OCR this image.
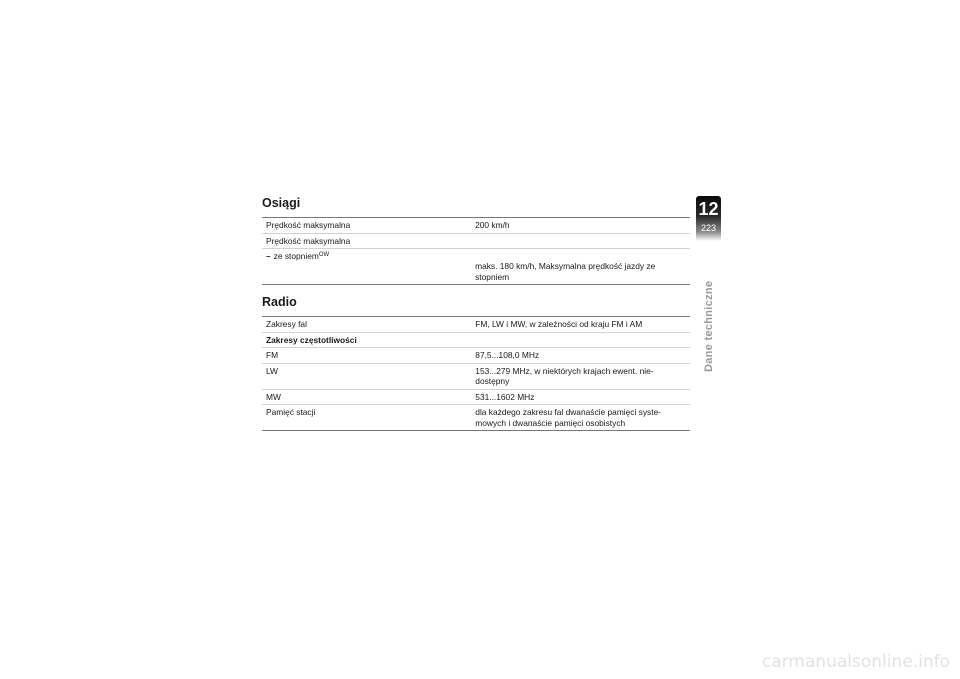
Osiągi
Prędkość maksymalna	200 km/h
Prędkość maksymalna	
– ze stopniem$^{OW}$	maks. 180 km/h, Maksymalna prędkość jazdy ze stopniem
Radio
Zakresy fal	FM, LW i MW, w zależności od kraju FM i AM
Zakresy częstotliwości	
FM	87,5...108,0 MHz
LW	153...279 MHz, w niektórych krajach ewent. nie-dostępny
MW	531...1602 MHz
Pamięć stacji	dla każdego zakresu fal dwanaście pamięci syste-mowych i dwanaście pamięci osobistych
12
223
Dane techniczne
carmanualsonline.info
